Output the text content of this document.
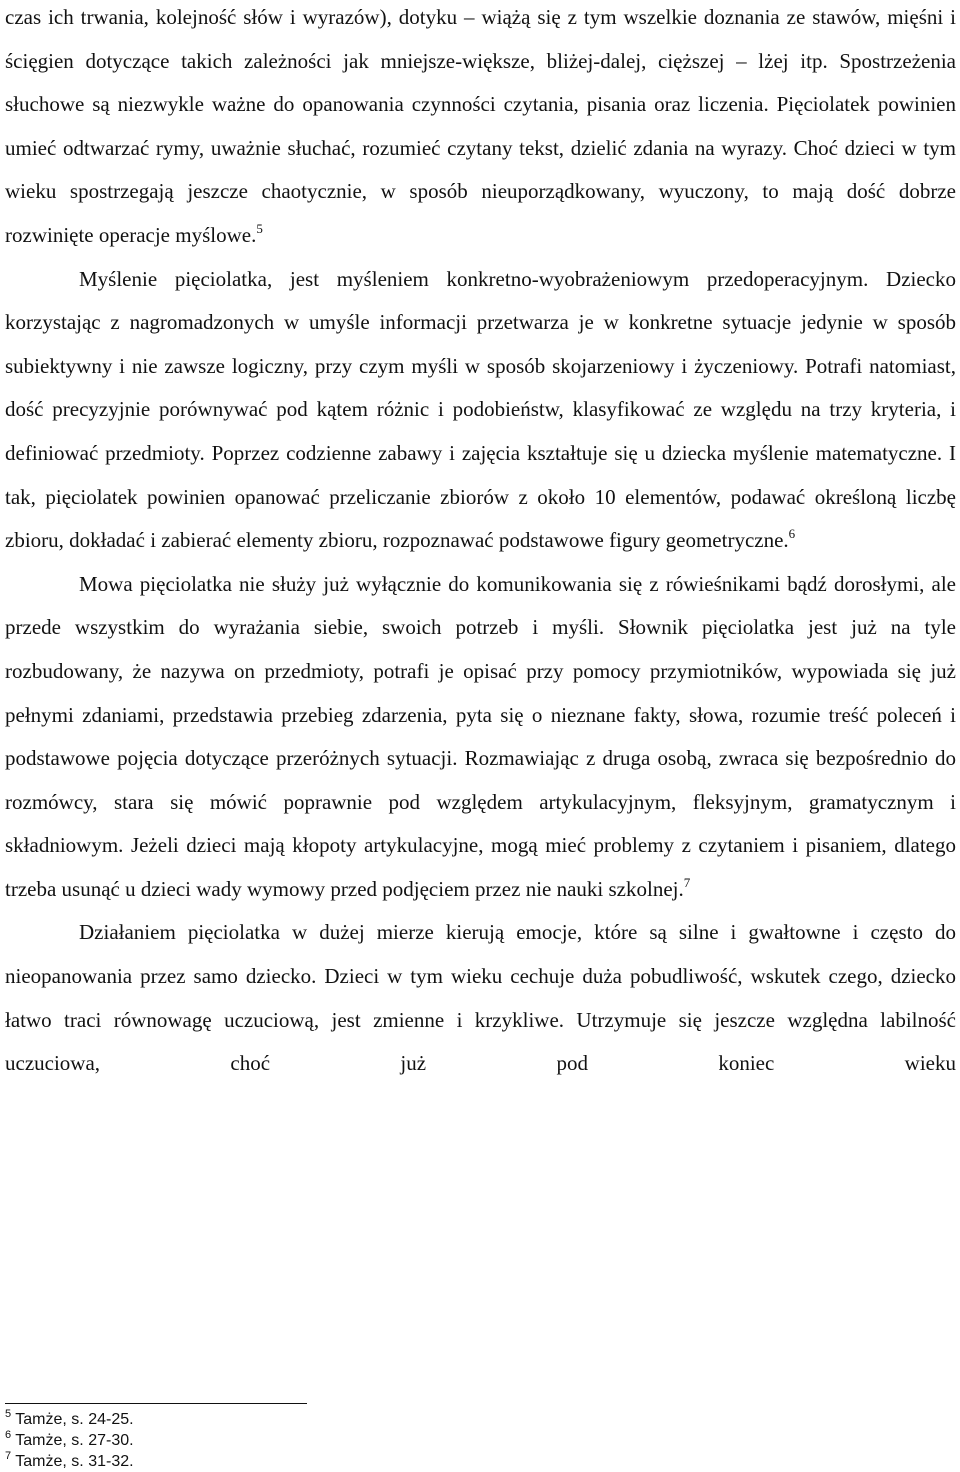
czas ich trwania, kolejność słów i wyrazów), dotyku – wiążą się z tym wszelkie doznania ze stawów, mięśni i ścięgien dotyczące takich zależności jak mniejsze-większe, bliżej-dalej, cięższej – lżej itp. Spostrzeżenia słuchowe są niezwykle ważne do opanowania czynności czytania, pisania oraz liczenia. Pięciolatek powinien umieć odtwarzać rymy, uważnie słuchać, rozumieć czytany tekst, dzielić zdania na wyrazy. Choć dzieci w tym wieku spostrzegają jeszcze chaotycznie, w sposób nieuporządkowany, wyuczony, to mają dość dobrze rozwinięte operacje myślowe.$^5$

Myślenie pięciolatka, jest myśleniem konkretno-wyobrażeniowym przedoperacyjnym. Dziecko korzystając z nagromadzonych w umyśle informacji przetwarza je w konkretne sytuacje jedynie w sposób subiektywny i nie zawsze logiczny, przy czym myśli w sposób skojarzeniowy i życzeniowy. Potrafi natomiast, dość precyzyjnie porównywać pod kątem różnic i podobieństw, klasyfikować ze względu na trzy kryteria, i definiować przedmioty. Poprzez codzienne zabawy i zajęcia kształtuje się u dziecka myślenie matematyczne. I tak, pięciolatek powinien opanować przeliczanie zbiorów z około 10 elementów, podawać określoną liczbę zbioru, dokładać i zabierać elementy zbioru, rozpoznawać podstawowe figury geometryczne.$^6$

Mowa pięciolatka nie służy już wyłącznie do komunikowania się z rówieśnikami bądź dorosłymi, ale przede wszystkim do wyrażania siebie, swoich potrzeb i myśli. Słownik pięciolatka jest już na tyle rozbudowany, że nazywa on przedmioty, potrafi je opisać przy pomocy przymiotników, wypowiada się już pełnymi zdaniami, przedstawia przebieg zdarzenia, pyta się o nieznane fakty, słowa, rozumie treść poleceń i podstawowe pojęcia dotyczące przeróżnych sytuacji. Rozmawiając z druga osobą, zwraca się bezpośrednio do rozmówcy, stara się mówić poprawnie pod względem artykulacyjnym, fleksyjnym, gramatycznym i składniowym. Jeżeli dzieci mają kłopoty artykulacyjne, mogą mieć problemy z czytaniem i pisaniem, dlatego trzeba usunąć u dzieci wady wymowy przed podjęciem przez nie nauki szkolnej.$^7$

Działaniem pięciolatka w dużej mierze kierują emocje, które są silne i gwałtowne i często do nieopanowania przez samo dziecko. Dzieci w tym wieku cechuje duża pobudliwość, wskutek czego, dziecko łatwo traci równowagę uczuciową, jest zmienne i krzykliwe. Utrzymuje się jeszcze względna labilność uczuciowa, choć już pod koniec wieku

$^5$ Tamże, s. 24-25.
$^6$ Tamże, s. 27-30.
$^7$ Tamże, s. 31-32.
